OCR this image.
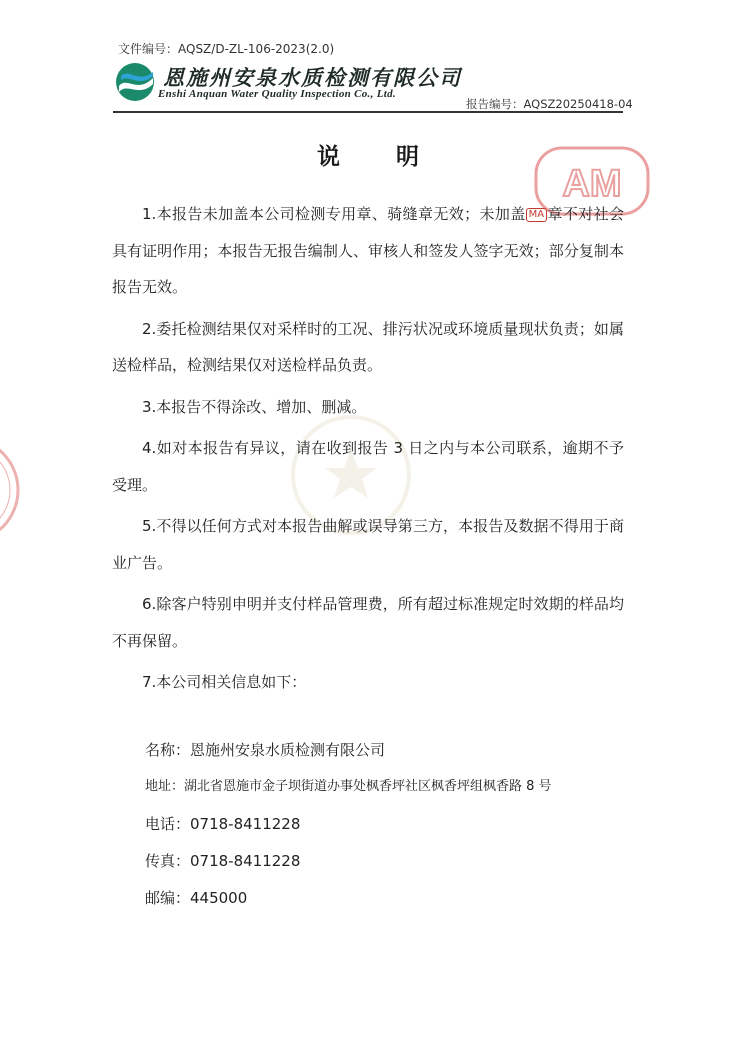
文件编号：AQSZ/D-ZL-106-2023(2.0)
恩施州安泉水质检测有限公司
Enshi Anquan Water Quality Inspection Co., Ltd.
报告编号：AQSZ20250418-04
AM
说 明

1.本报告未加盖本公司检测专用章、骑缝章无效；未加盖 MA 章不对社会具有证明作用；本报告无报告编制人、审核人和签发人签字无效；部分复制本报告无效。

2.委托检测结果仅对采样时的工况、排污状况或环境质量现状负责；如属送检样品，检测结果仅对送检样品负责。

3.本报告不得涂改、增加、删减。

4.如对本报告有异议，请在收到报告 3 日之内与本公司联系，逾期不予受理。

5.不得以任何方式对本报告曲解或误导第三方，本报告及数据不得用于商业广告。

6.除客户特别申明并支付样品管理费，所有超过标准规定时效期的样品均不再保留。

7.本公司相关信息如下：

名称：恩施州安泉水质检测有限公司
地址：湖北省恩施市金子坝街道办事处枫香坪社区枫香坪组枫香路 8 号
电话：0718-8411228
传真：0718-8411228
邮编：445000
